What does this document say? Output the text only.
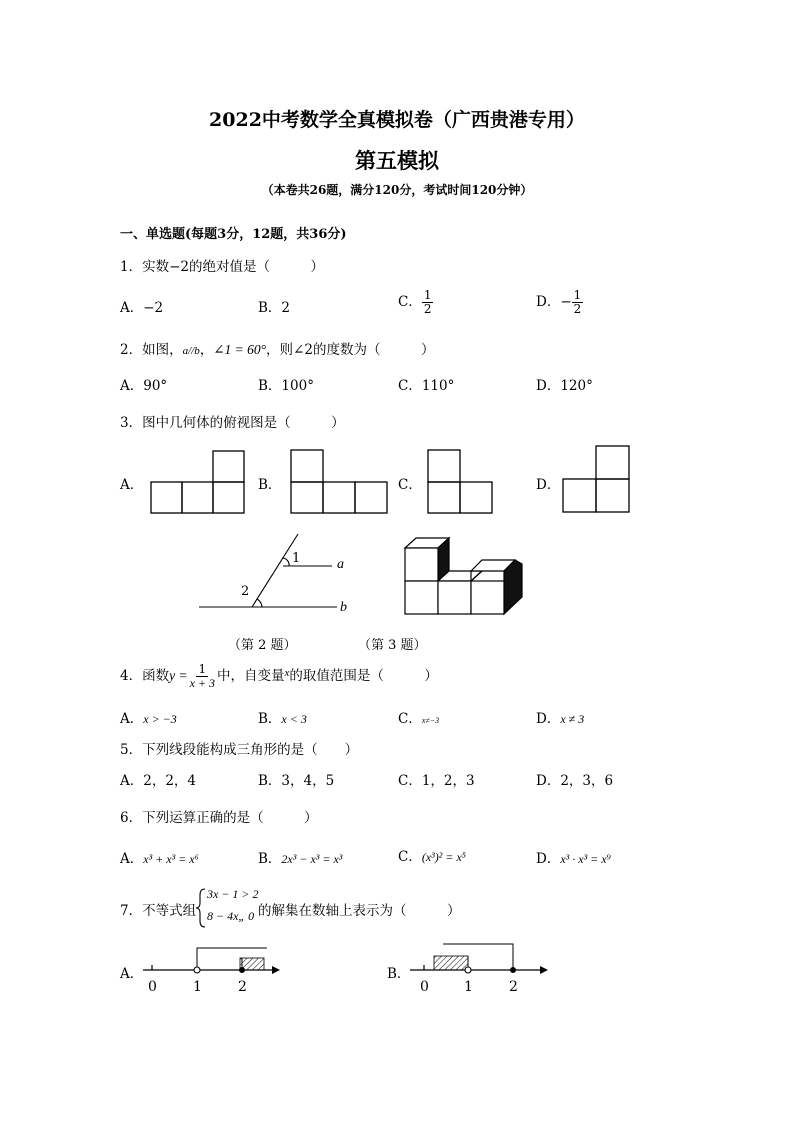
2022中考数学全真模拟卷（广西贵港专用）
第五模拟
（本卷共26题，满分120分，考试时间120分钟）
一、单选题(每题3分，12题，共36分)
1．实数−2的绝对值是（　　　）
A．−2	B．2	C． $\frac{1}{2}$	D．− $\frac{1}{2}$
2．如图，a//b，∠1 = 60°，则∠2的度数为（　　　）
A．90°	B．100°	C．110°	D．120°
3．图中几何体的俯视图是（　　　）
A．	B．	C．	D．
1
2
a
b
（第 2 题）	（第 3 题）
4．函数$y = \frac{1}{x + 3}$ 中，自变量$^x$的取值范围是（　　　）
A．x > −3	B．x < 3	C．x≠−3	D．x ≠ 3
5．下列线段能构成三角形的是（　　）
A．2，2，4	B．3，4，5	C．1，2，3	D．2，3，6
6．下列运算正确的是（　　　）
A．x³ + x³ = x⁶	B．2x³ − x³ = x³	C．(x³)² = x⁵	D．x³ · x³ = x⁹
7．不等式组
3x − 1 > 2
8 − 4x„ 0 的解集在数轴上表示为（　　　）
A．	B．
0	1	2	0	1	2
